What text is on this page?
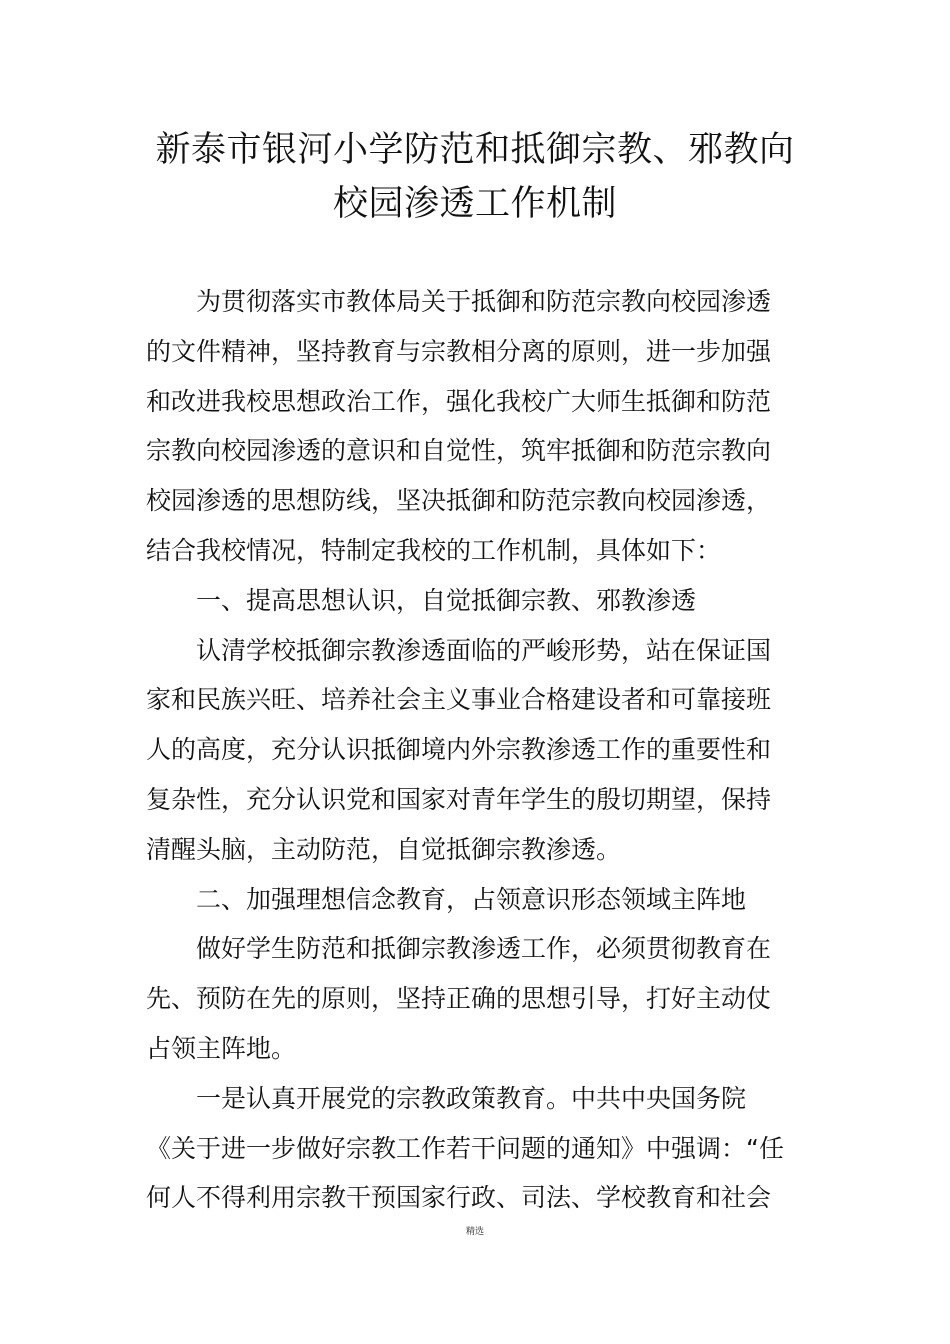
新泰市银河小学防范和抵御宗教、邪教向
校园渗透工作机制
　　为贯彻落实市教体局关于抵御和防范宗教向校园渗透
的文件精神，坚持教育与宗教相分离的原则，进一步加强
和改进我校思想政治工作，强化我校广大师生抵御和防范
宗教向校园渗透的意识和自觉性，筑牢抵御和防范宗教向
校园渗透的思想防线，坚决抵御和防范宗教向校园渗透，
结合我校情况，特制定我校的工作机制，具体如下：
　　一、提高思想认识，自觉抵御宗教、邪教渗透
　　认清学校抵御宗教渗透面临的严峻形势，站在保证国
家和民族兴旺、培养社会主义事业合格建设者和可靠接班
人的高度，充分认识抵御境内外宗教渗透工作的重要性和
复杂性，充分认识党和国家对青年学生的殷切期望，保持
清醒头脑，主动防范，自觉抵御宗教渗透。
　　二、加强理想信念教育，占领意识形态领域主阵地
　　做好学生防范和抵御宗教渗透工作，必须贯彻教育在
先、预防在先的原则，坚持正确的思想引导，打好主动仗
占领主阵地。
　　一是认真开展党的宗教政策教育。中共中央国务院
《关于进一步做好宗教工作若干问题的通知》中强调：“任
何人不得利用宗教干预国家行政、司法、学校教育和社会
精选
